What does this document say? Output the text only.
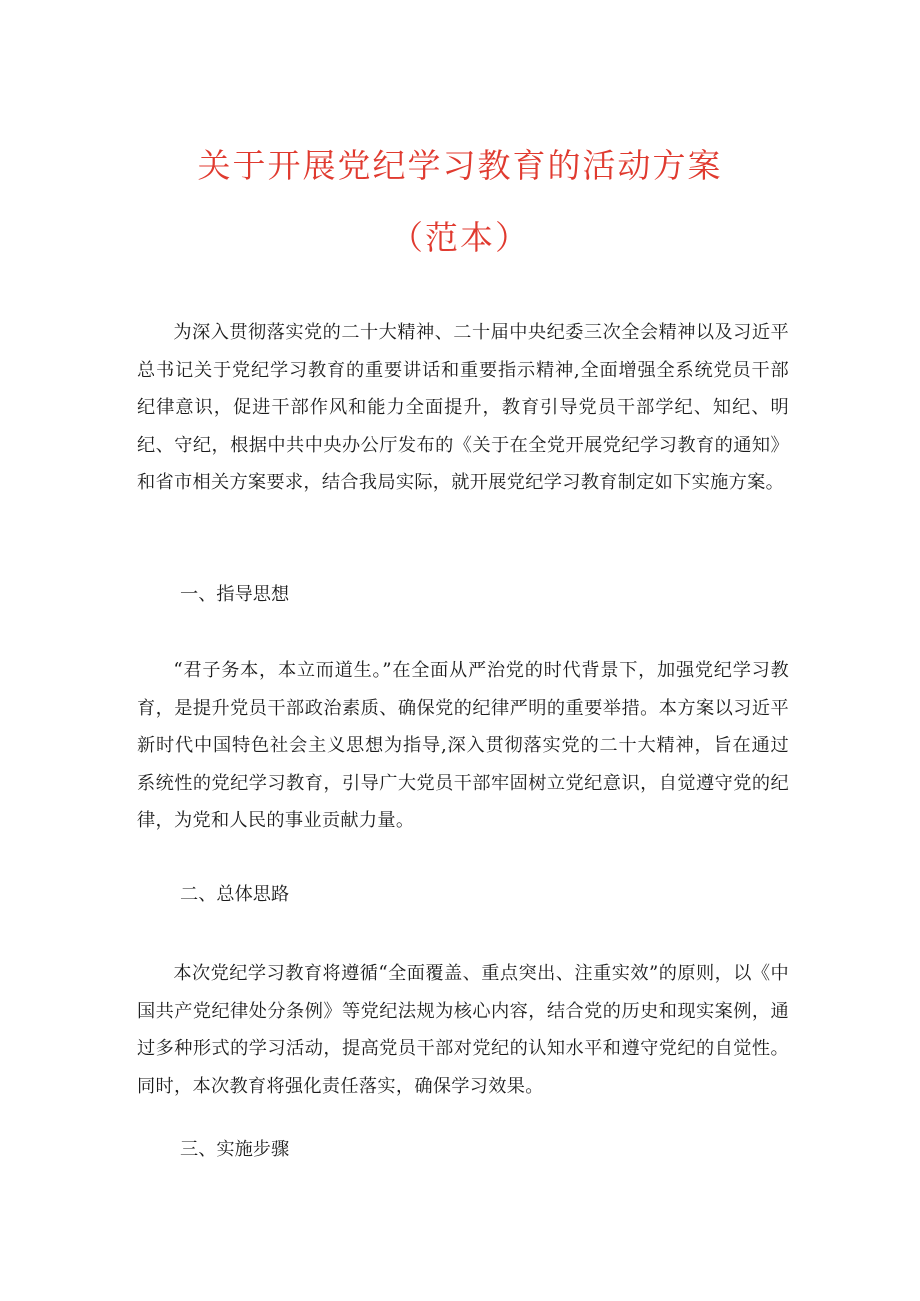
关于开展党纪学习教育的活动方案
（范本）

为深入贯彻落实党的二十大精神、二十届中央纪委三次全会精神以及习近平总书记关于党纪学习教育的重要讲话和重要指示精神,全面增强全系统党员干部纪律意识，促进干部作风和能力全面提升，教育引导党员干部学纪、知纪、明纪、守纪，根据中共中央办公厅发布的《关于在全党开展党纪学习教育的通知》和省市相关方案要求，结合我局实际，就开展党纪学习教育制定如下实施方案。

一、指导思想

“君子务本，本立而道生。”在全面从严治党的时代背景下，加强党纪学习教育，是提升党员干部政治素质、确保党的纪律严明的重要举措。本方案以习近平新时代中国特色社会主义思想为指导,深入贯彻落实党的二十大精神，旨在通过系统性的党纪学习教育，引导广大党员干部牢固树立党纪意识，自觉遵守党的纪律，为党和人民的事业贡献力量。

二、总体思路

本次党纪学习教育将遵循“全面覆盖、重点突出、注重实效”的原则，以《中国共产党纪律处分条例》等党纪法规为核心内容，结合党的历史和现实案例，通过多种形式的学习活动，提高党员干部对党纪的认知水平和遵守党纪的自觉性。同时，本次教育将强化责任落实，确保学习效果。

三、实施步骤
